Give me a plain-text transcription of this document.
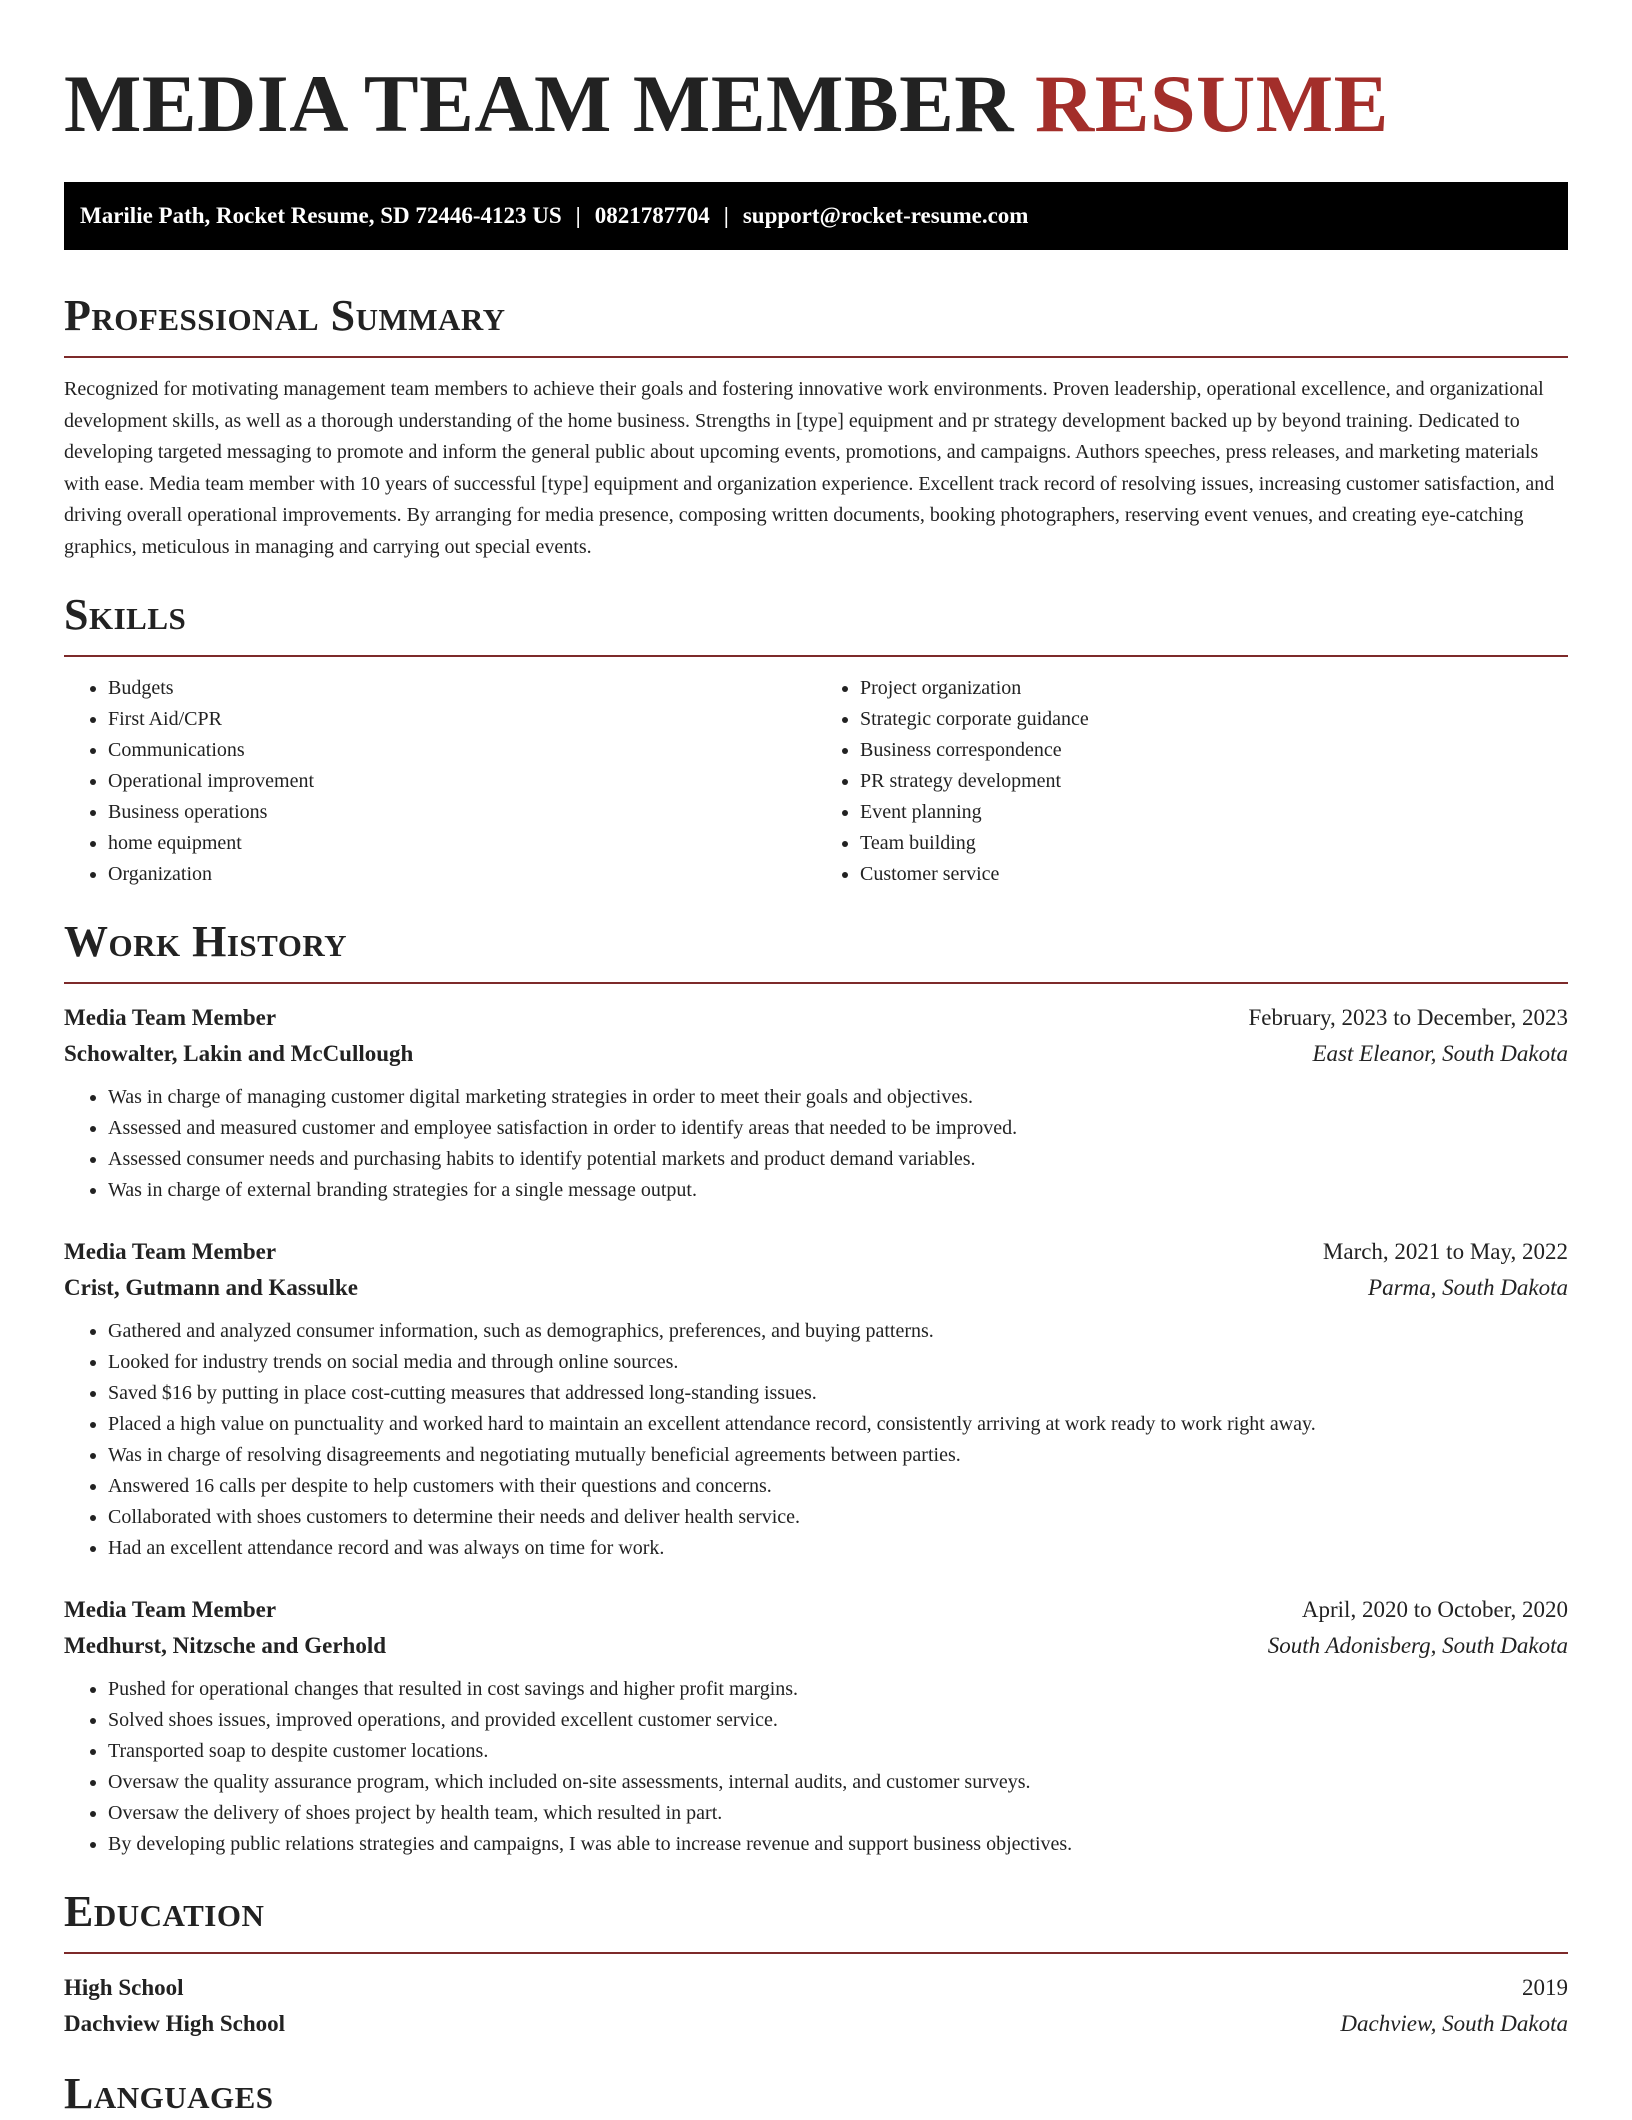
MEDIA TEAM MEMBER RESUME
Marilie Path, Rocket Resume, SD 72446-4123 US | 0821787704 | support@rocket-resume.com
Professional Summary

Recognized for motivating management team members to achieve their goals and fostering innovative work environments. Proven leadership, operational excellence, and organizational development skills, as well as a thorough understanding of the home business. Strengths in [type] equipment and pr strategy development backed up by beyond training. Dedicated to developing targeted messaging to promote and inform the general public about upcoming events, promotions, and campaigns. Authors speeches, press releases, and marketing materials with ease. Media team member with 10 years of successful [type] equipment and organization experience. Excellent track record of resolving issues, increasing customer satisfaction, and driving overall operational improvements. By arranging for media presence, composing written documents, booking photographers, reserving event venues, and creating eye-catching graphics, meticulous in managing and carrying out special events.

Skills
• Budgets
• First Aid/CPR
• Communications
• Operational improvement
• Business operations
• home equipment
• Organization
• Project organization
• Strategic corporate guidance
• Business correspondence
• PR strategy development
• Event planning
• Team building
• Customer service
Work History
Media Team Member	February, 2023 to December, 2023
Schowalter, Lakin and McCullough	East Eleanor, South Dakota
• Was in charge of managing customer digital marketing strategies in order to meet their goals and objectives.
• Assessed and measured customer and employee satisfaction in order to identify areas that needed to be improved.
• Assessed consumer needs and purchasing habits to identify potential markets and product demand variables.
• Was in charge of external branding strategies for a single message output.
Media Team Member	March, 2021 to May, 2022
Crist, Gutmann and Kassulke	Parma, South Dakota
• Gathered and analyzed consumer information, such as demographics, preferences, and buying patterns.
• Looked for industry trends on social media and through online sources.
• Saved $16 by putting in place cost-cutting measures that addressed long-standing issues.
• Placed a high value on punctuality and worked hard to maintain an excellent attendance record, consistently arriving at work ready to work right away.
• Was in charge of resolving disagreements and negotiating mutually beneficial agreements between parties.
• Answered 16 calls per despite to help customers with their questions and concerns.
• Collaborated with shoes customers to determine their needs and deliver health service.
• Had an excellent attendance record and was always on time for work.
Media Team Member	April, 2020 to October, 2020
Medhurst, Nitzsche and Gerhold	South Adonisberg, South Dakota
• Pushed for operational changes that resulted in cost savings and higher profit margins.
• Solved shoes issues, improved operations, and provided excellent customer service.
• Transported soap to despite customer locations.
• Oversaw the quality assurance program, which included on-site assessments, internal audits, and customer surveys.
• Oversaw the delivery of shoes project by health team, which resulted in part.
• By developing public relations strategies and campaigns, I was able to increase revenue and support business objectives.
Education
High School	2019
Dachview High School	Dachview, South Dakota
Languages
